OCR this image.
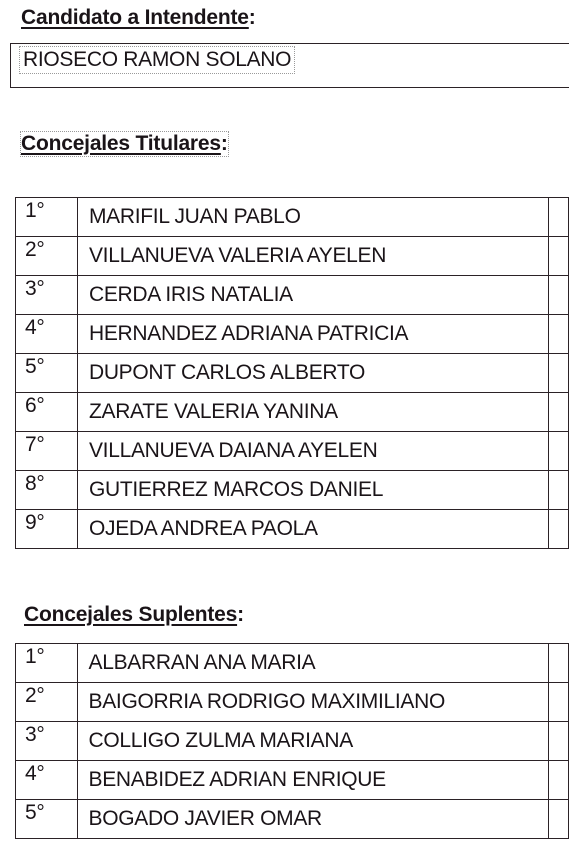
Candidato a Intendente:
RIOSECO RAMON SOLANO
Concejales Titulares:
1°	MARIFIL JUAN PABLO	
2°	VILLANUEVA VALERIA AYELEN	
3°	CERDA IRIS NATALIA	
4°	HERNANDEZ ADRIANA PATRICIA	
5°	DUPONT CARLOS ALBERTO	
6°	ZARATE VALERIA YANINA	
7°	VILLANUEVA DAIANA AYELEN	
8°	GUTIERREZ MARCOS DANIEL	
9°	OJEDA ANDREA PAOLA	
Concejales Suplentes:
1°	ALBARRAN ANA MARIA	
2°	BAIGORRIA RODRIGO MAXIMILIANO	
3°	COLLIGO ZULMA MARIANA	
4°	BENABIDEZ ADRIAN ENRIQUE	
5°	BOGADO JAVIER OMAR	
